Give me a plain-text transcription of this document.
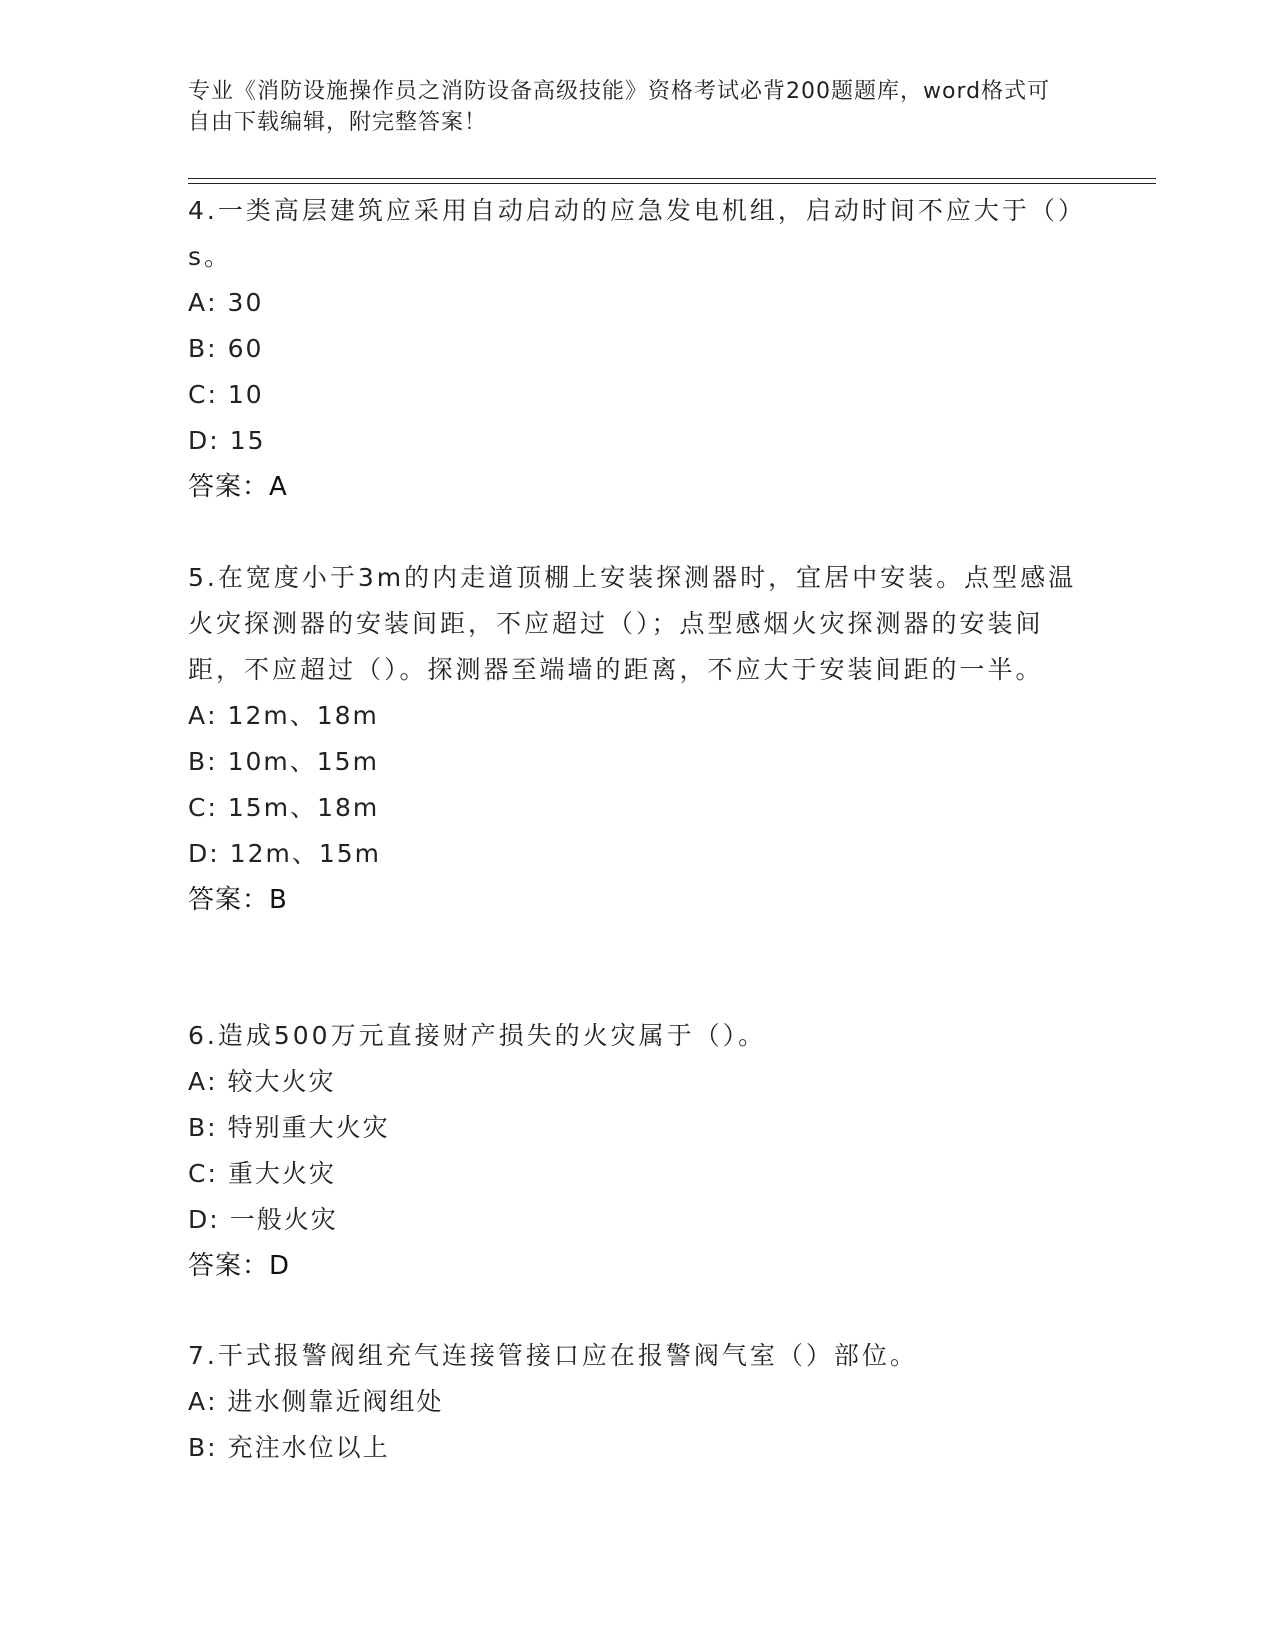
专业《消防设施操作员之消防设备高级技能》资格考试必背200题题库，word格式可自由下载编辑，附完整答案！

4.一类高层建筑应采用自动启动的应急发电机组，启动时间不应大于（）s。

A: 30

B: 60

C: 10

D: 15

答案：A

5.在宽度小于3m的内走道顶棚上安装探测器时，宜居中安装。点型感温火灾探测器的安装间距，不应超过（）；点型感烟火灾探测器的安装间距，不应超过（）。探测器至端墙的距离，不应大于安装间距的一半。

A: 12m、18m

B: 10m、15m

C: 15m、18m

D: 12m、15m

答案：B

6.造成500万元直接财产损失的火灾属于（）。

A: 较大火灾

B: 特别重大火灾

C: 重大火灾

D: 一般火灾

答案：D

7.干式报警阀组充气连接管接口应在报警阀气室（）部位。

A: 进水侧靠近阀组处

B: 充注水位以上
